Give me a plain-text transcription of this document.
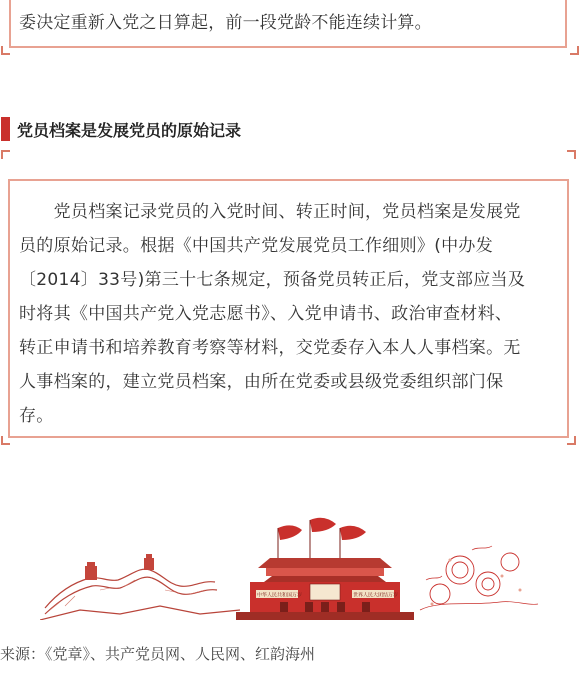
委决定重新入党之日算起，前一段党龄不能连续计算。
党员档案是发展党员的原始记录

　　党员档案记录党员的入党时间、转正时间，党员档案是发展党
员的原始记录。根据《中国共产党发展党员工作细则》(中办发
〔2014〕33号)第三十七条规定，预备党员转正后，党支部应当及
时将其《中国共产党入党志愿书》、入党申请书、政治审查材料、
转正申请书和培养教育考察等材料，交党委存入本人人事档案。无
人事档案的，建立党员档案，由所在党委或县级党委组织部门保
存。

中华人民共和国万岁	世界人民大团结万岁
来源：《党章》、共产党员网、人民网、红韵海州
